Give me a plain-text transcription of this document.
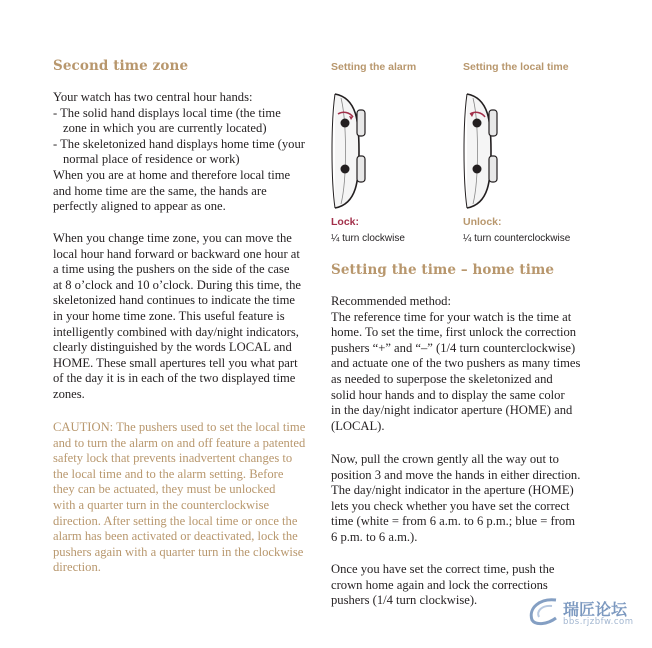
Second time zone
Your watch has two central hour hands:
- The solid hand displays local time (the time
zone in which you are currently located)
- The skeletonized hand displays home time (your
normal place of residence or work)
When you are at home and therefore local time
and home time are the same, the hands are
perfectly aligned to appear as one.
When you change time zone, you can move the
local hour hand forward or backward one hour at
a time using the pushers on the side of the case
at 8 o’clock and 10 o’clock. During this time, the
skeletonized hand continues to indicate the time
in your home time zone. This useful feature is
intelligently combined with day/night indicators,
clearly distinguished by the words LOCAL and
HOME. These small apertures tell you what part
of the day it is in each of the two displayed time
zones.
CAUTION: The pushers used to set the local time
and to turn the alarm on and off feature a patented
safety lock that prevents inadvertent changes to
the local time and to the alarm setting. Before
they can be actuated, they must be unlocked
with a quarter turn in the counterclockwise
direction. After setting the local time or once the
alarm has been activated or deactivated, lock the
pushers again with a quarter turn in the clockwise
direction.
Setting the alarm	Setting the local time
Lock:
¼ turn clockwise
Unlock:
¼ turn counterclockwise
Setting the time – home time
Recommended method:
The reference time for your watch is the time at
home. To set the time, first unlock the correction
pushers “+” and “–” (1/4 turn counterclockwise)
and actuate one of the two pushers as many times
as needed to superpose the skeletonized and
solid hour hands and to display the same color
in the day/night indicator aperture (HOME) and
(LOCAL).
Now, pull the crown gently all the way out to
position 3 and move the hands in either direction.
The day/night indicator in the aperture (HOME)
lets you check whether you have set the correct
time (white = from 6 a.m. to 6 p.m.; blue = from
6 p.m. to 6 a.m.).
Once you have set the correct time, push the
crown home again and lock the corrections
pushers (1/4 turn clockwise).	瑞匠论坛
bbs.rjzbfw.com
